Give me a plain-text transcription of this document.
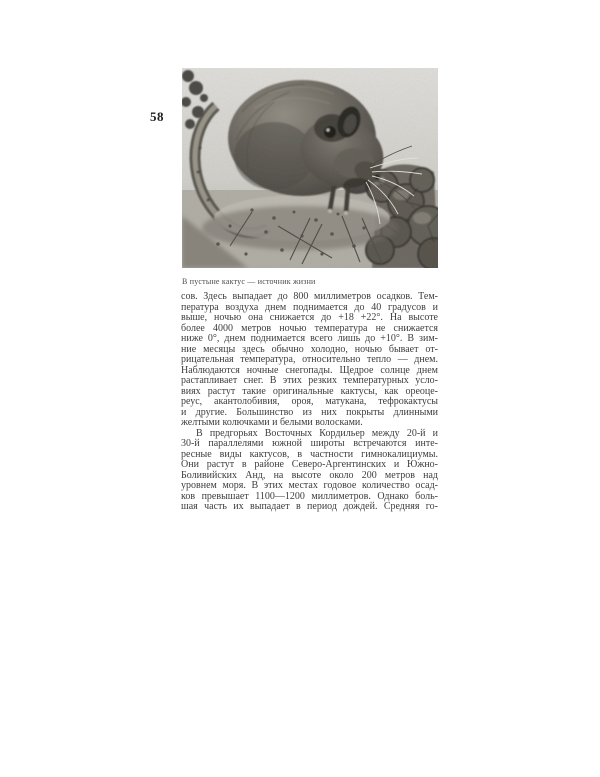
58
В пустыне кактус — источник жизни
сов. Здесь выпадает до 800 миллиметров осадков. Тем-
пература воздуха днем поднимается до 40 градусов и
выше, ночью она снижается до +18 +22°. На высоте
более 4000 метров ночью температура не снижается
ниже 0°, днем поднимается всего лишь до +10°. В зим-
ние месяцы здесь обычно холодно, ночью бывает от-
рицательная температура, относительно тепло — днем.
Наблюдаются ночные снегопады. Щедрое солнце днем
растапливает снег. В этих резких температурных усло-
виях растут такие оригинальные кактусы, как ореоце-
реус, акантолобивия, ороя, матукана, тефрокактусы
и другие. Большинство из них покрыты длинными
желтыми колючками и белыми волосками.
В предгорьях Восточных Кордильер между 20-й и
30-й параллелями южной широты встречаются инте-
ресные виды кактусов, в частности гимнокалициумы.
Они растут в районе Северо-Аргентинских и Южно-
Боливийских Анд, на высоте около 200 метров над
уровнем моря. В этих местах годовое количество осад-
ков превышает 1100—1200 миллиметров. Однако боль-
шая часть их выпадает в период дождей. Средняя го-
